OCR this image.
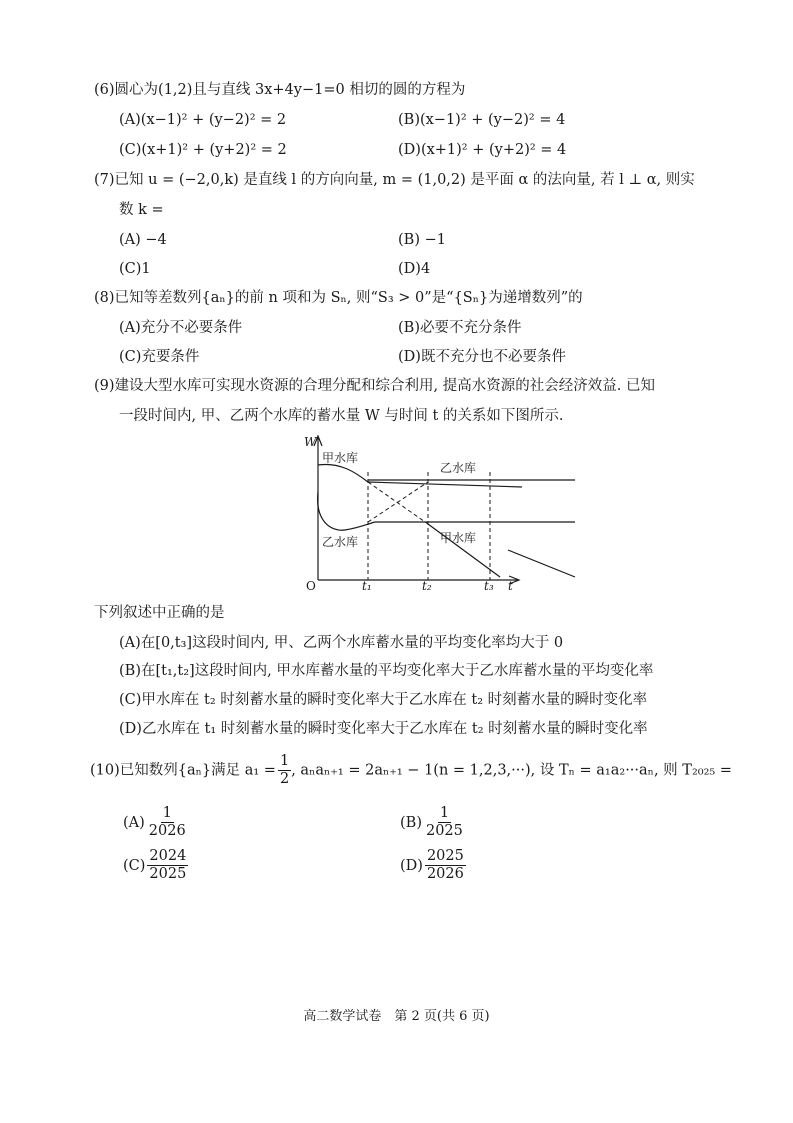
(6)圆心为(1,2)且与直线 3x+4y−1=0 相切的圆的方程为
(A)(x−1)² + (y−2)² = 2	(B)(x−1)² + (y−2)² = 4
(C)(x+1)² + (y+2)² = 2	(D)(x+1)² + (y+2)² = 4
(7)已知 u = (−2,0,k) 是直线 l 的方向向量, m = (1,0,2) 是平面 α 的法向量, 若 l ⊥ α, 则实
数 k =
(A) −4	(B) −1
(C)1	(D)4
(8)已知等差数列{aₙ}的前 n 项和为 Sₙ, 则“S₃ > 0”是“{Sₙ}为递增数列”的
(A)充分不必要条件	(B)必要不充分条件
(C)充要条件	(D)既不充分也不必要条件
(9)建设大型水库可实现水资源的合理分配和综合利用, 提高水资源的社会经济效益. 已知
一段时间内, 甲、乙两个水库的蓄水量 W 与时间 t 的关系如下图所示.
W
t
O	t₁	t₂	t₃
甲水库
乙水库
乙水库	甲水库
下列叙述中正确的是
(A)在[0,t₃]这段时间内, 甲、乙两个水库蓄水量的平均变化率均大于 0
(B)在[t₁,t₂]这段时间内, 甲水库蓄水量的平均变化率大于乙水库蓄水量的平均变化率
(C)甲水库在 t₂ 时刻蓄水量的瞬时变化率大于乙水库在 t₂ 时刻蓄水量的瞬时变化率
(D)乙水库在 t₁ 时刻蓄水量的瞬时变化率大于乙水库在 t₂ 时刻蓄水量的瞬时变化率
(10)已知数列{aₙ}满足 $a_1 = \frac{1}{2}$ , aₙaₙ₊₁ = 2aₙ₊₁ − 1(n = 1,2,3,···), 设 Tₙ = a₁a₂···aₙ, 则 T₂₀₂₅ =
$(A) \frac{1}{2026}$	$(B) \frac{1}{2025}$
$(C) \frac{2024}{2025}$	$(D) \frac{2025}{2026}$
高二数学试卷　第 2 页(共 6 页)
